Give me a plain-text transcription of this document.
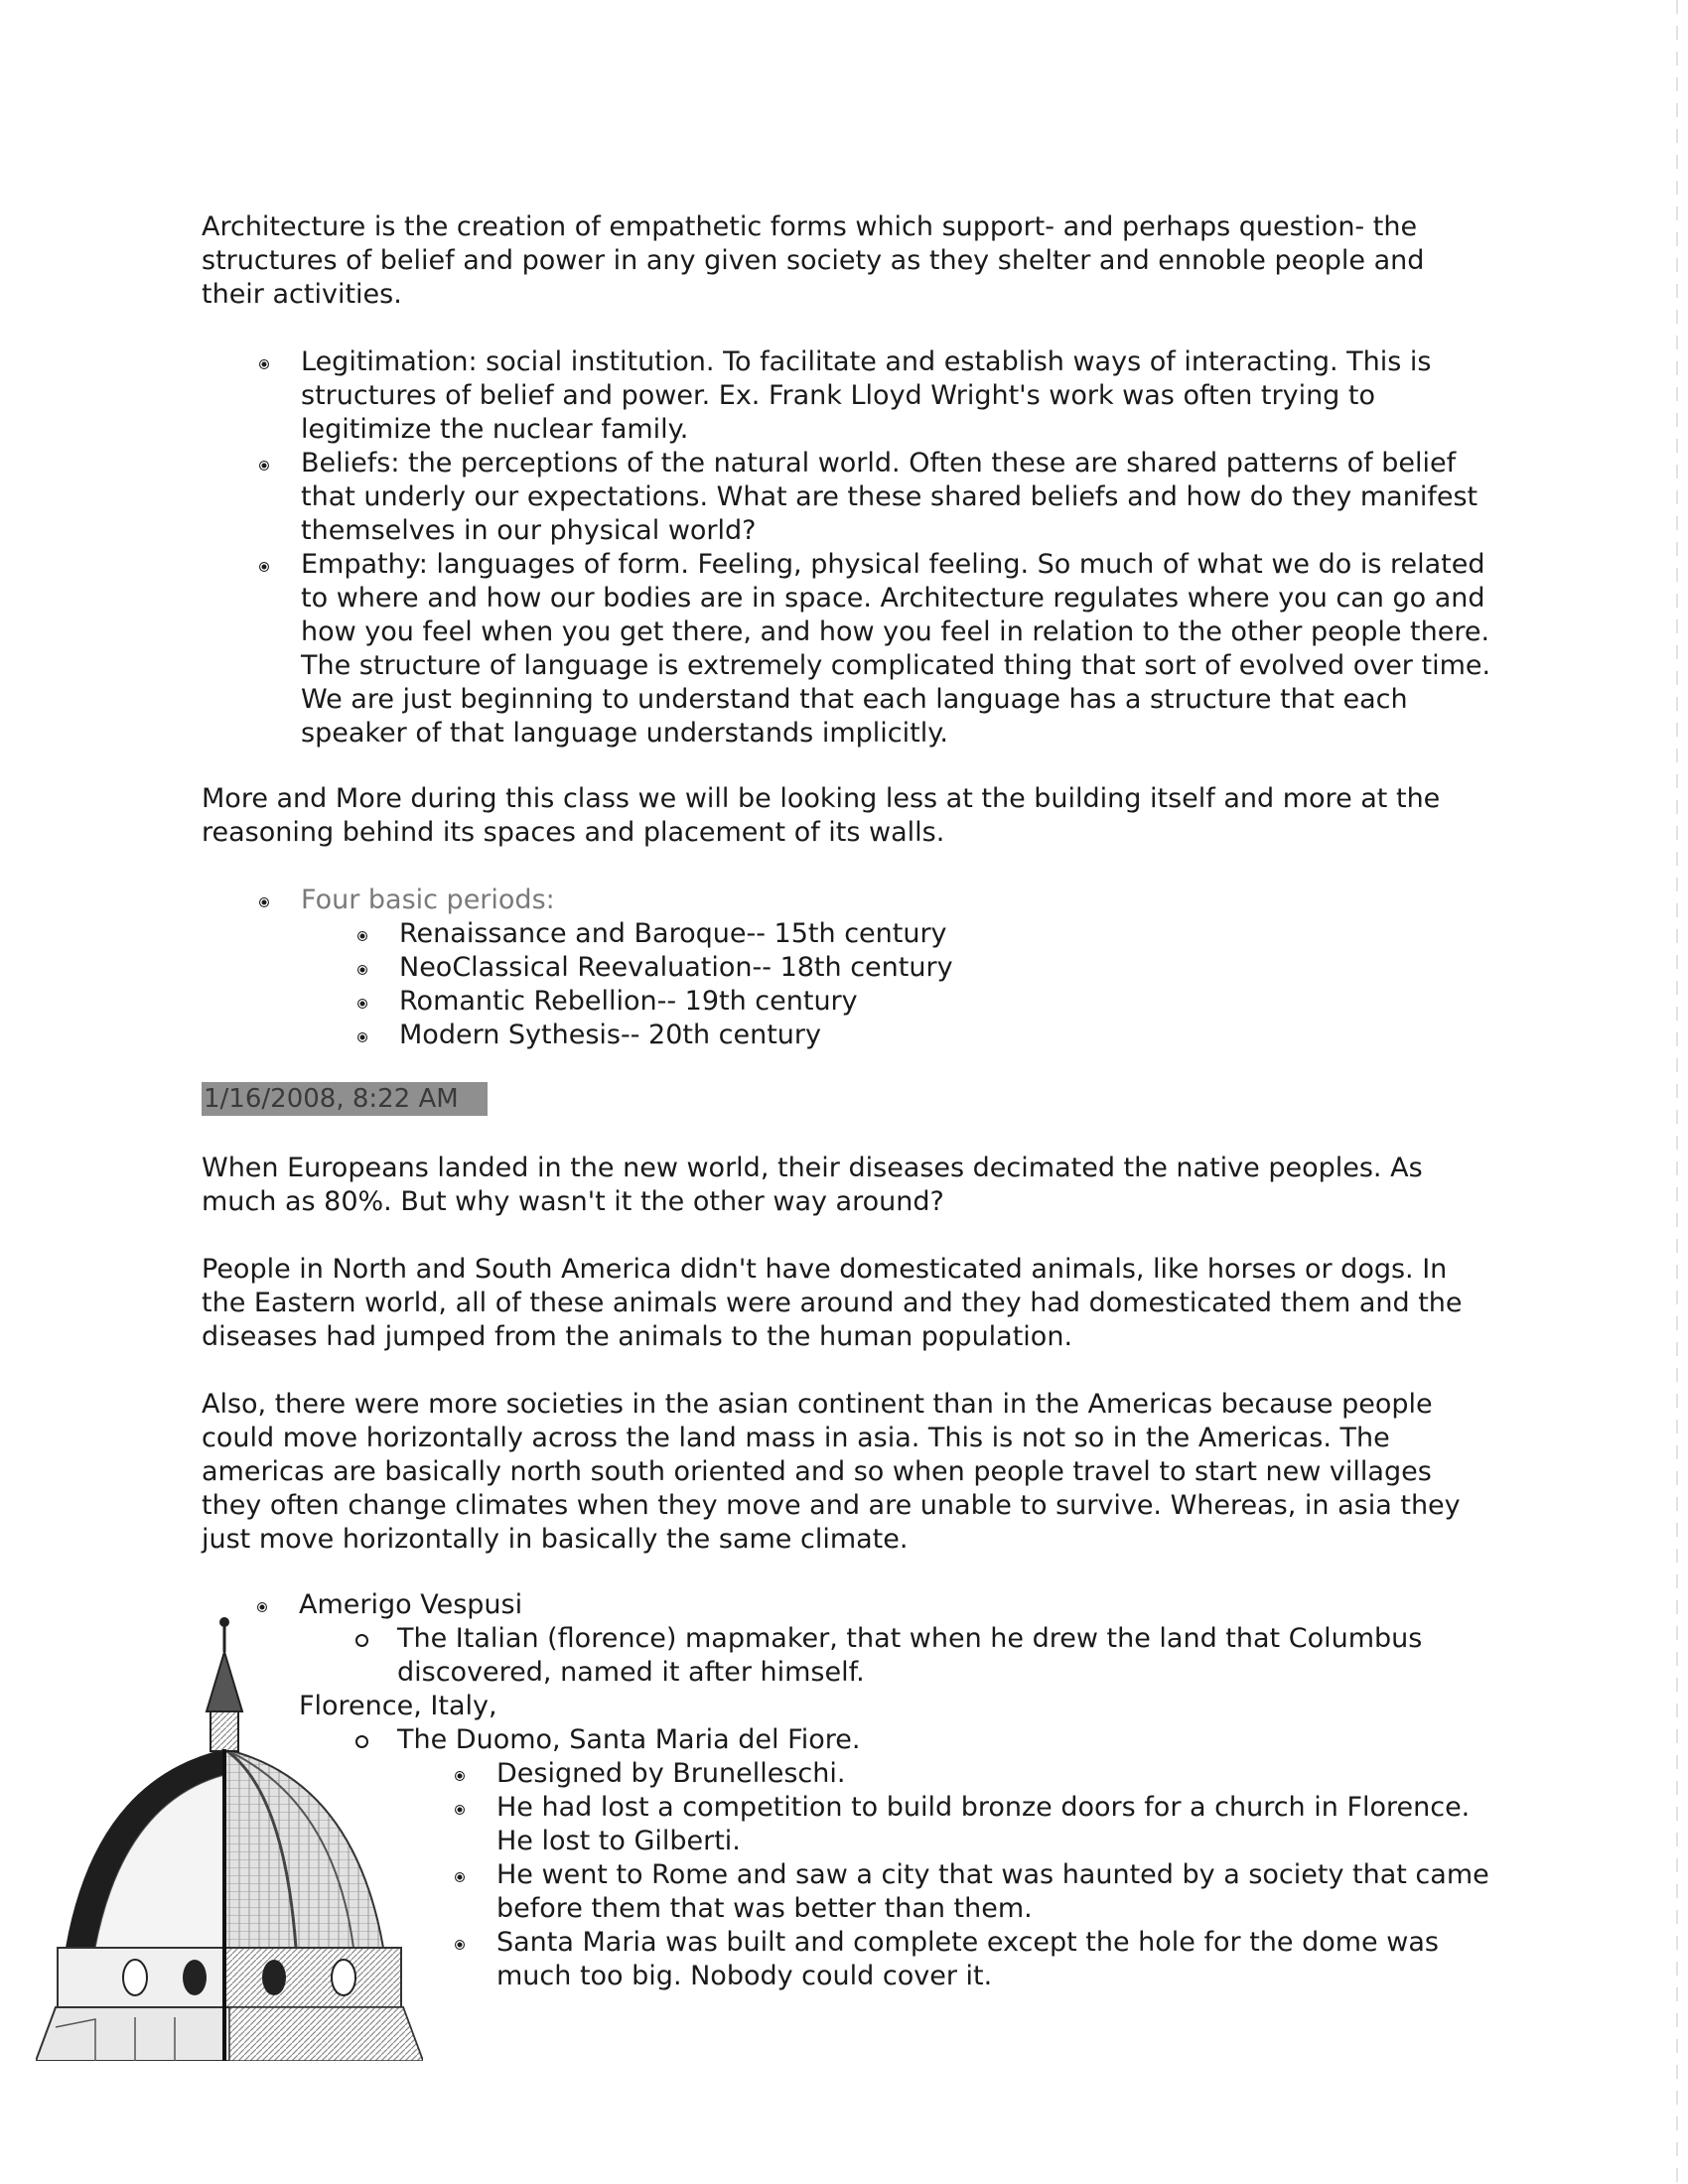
Architecture is the creation of empathetic forms which support- and perhaps question- the structures of belief and power in any given society as they shelter and ennoble people and their activities.
Legitimation: social institution. To facilitate and establish ways of interacting. This is structures of belief and power. Ex. Frank Lloyd Wright's work was often trying to legitimize the nuclear family.
Beliefs: the perceptions of the natural world. Often these are shared patterns of belief that underly our expectations. What are these shared beliefs and how do they manifest themselves in our physical world?
Empathy: languages of form. Feeling, physical feeling. So much of what we do is related to where and how our bodies are in space. Architecture regulates where you can go and how you feel when you get there, and how you feel in relation to the other people there. The structure of language is extremely complicated thing that sort of evolved over time. We are just beginning to understand that each language has a structure that each speaker of that language understands implicitly.
More and More during this class we will be looking less at the building itself and more at the reasoning behind its spaces and placement of its walls.
Four basic periods:
Renaissance and Baroque-- 15th century
NeoClassical Reevaluation-- 18th century
Romantic Rebellion-- 19th century
Modern Sythesis-- 20th century
1/16/2008, 8:22 AM
When Europeans landed in the new world, their diseases decimated the native peoples. As much as 80%. But why wasn't it the other way around?
People in North and South America didn't have domesticated animals, like horses or dogs. In the Eastern world, all of these animals were around and they had domesticated them and the diseases had jumped from the animals to the human population.
Also, there were more societies in the asian continent than in the Americas because people could move horizontally across the land mass in asia. This is not so in the Americas. The americas are basically north south oriented and so when people travel to start new villages they often change climates when they move and are unable to survive. Whereas, in asia they just move horizontally in basically the same climate.
Amerigo Vespusi
The Italian (florence) mapmaker, that when he drew the land that Columbus discovered, named it after himself.
Florence, Italy,
The Duomo, Santa Maria del Fiore.
Designed by Brunelleschi.
He had lost a competition to build bronze doors for a church in Florence. He lost to Gilberti.
He went to Rome and saw a city that was haunted by a society that came before them that was better than them.
Santa Maria was built and complete except the hole for the dome was much too big. Nobody could cover it.
